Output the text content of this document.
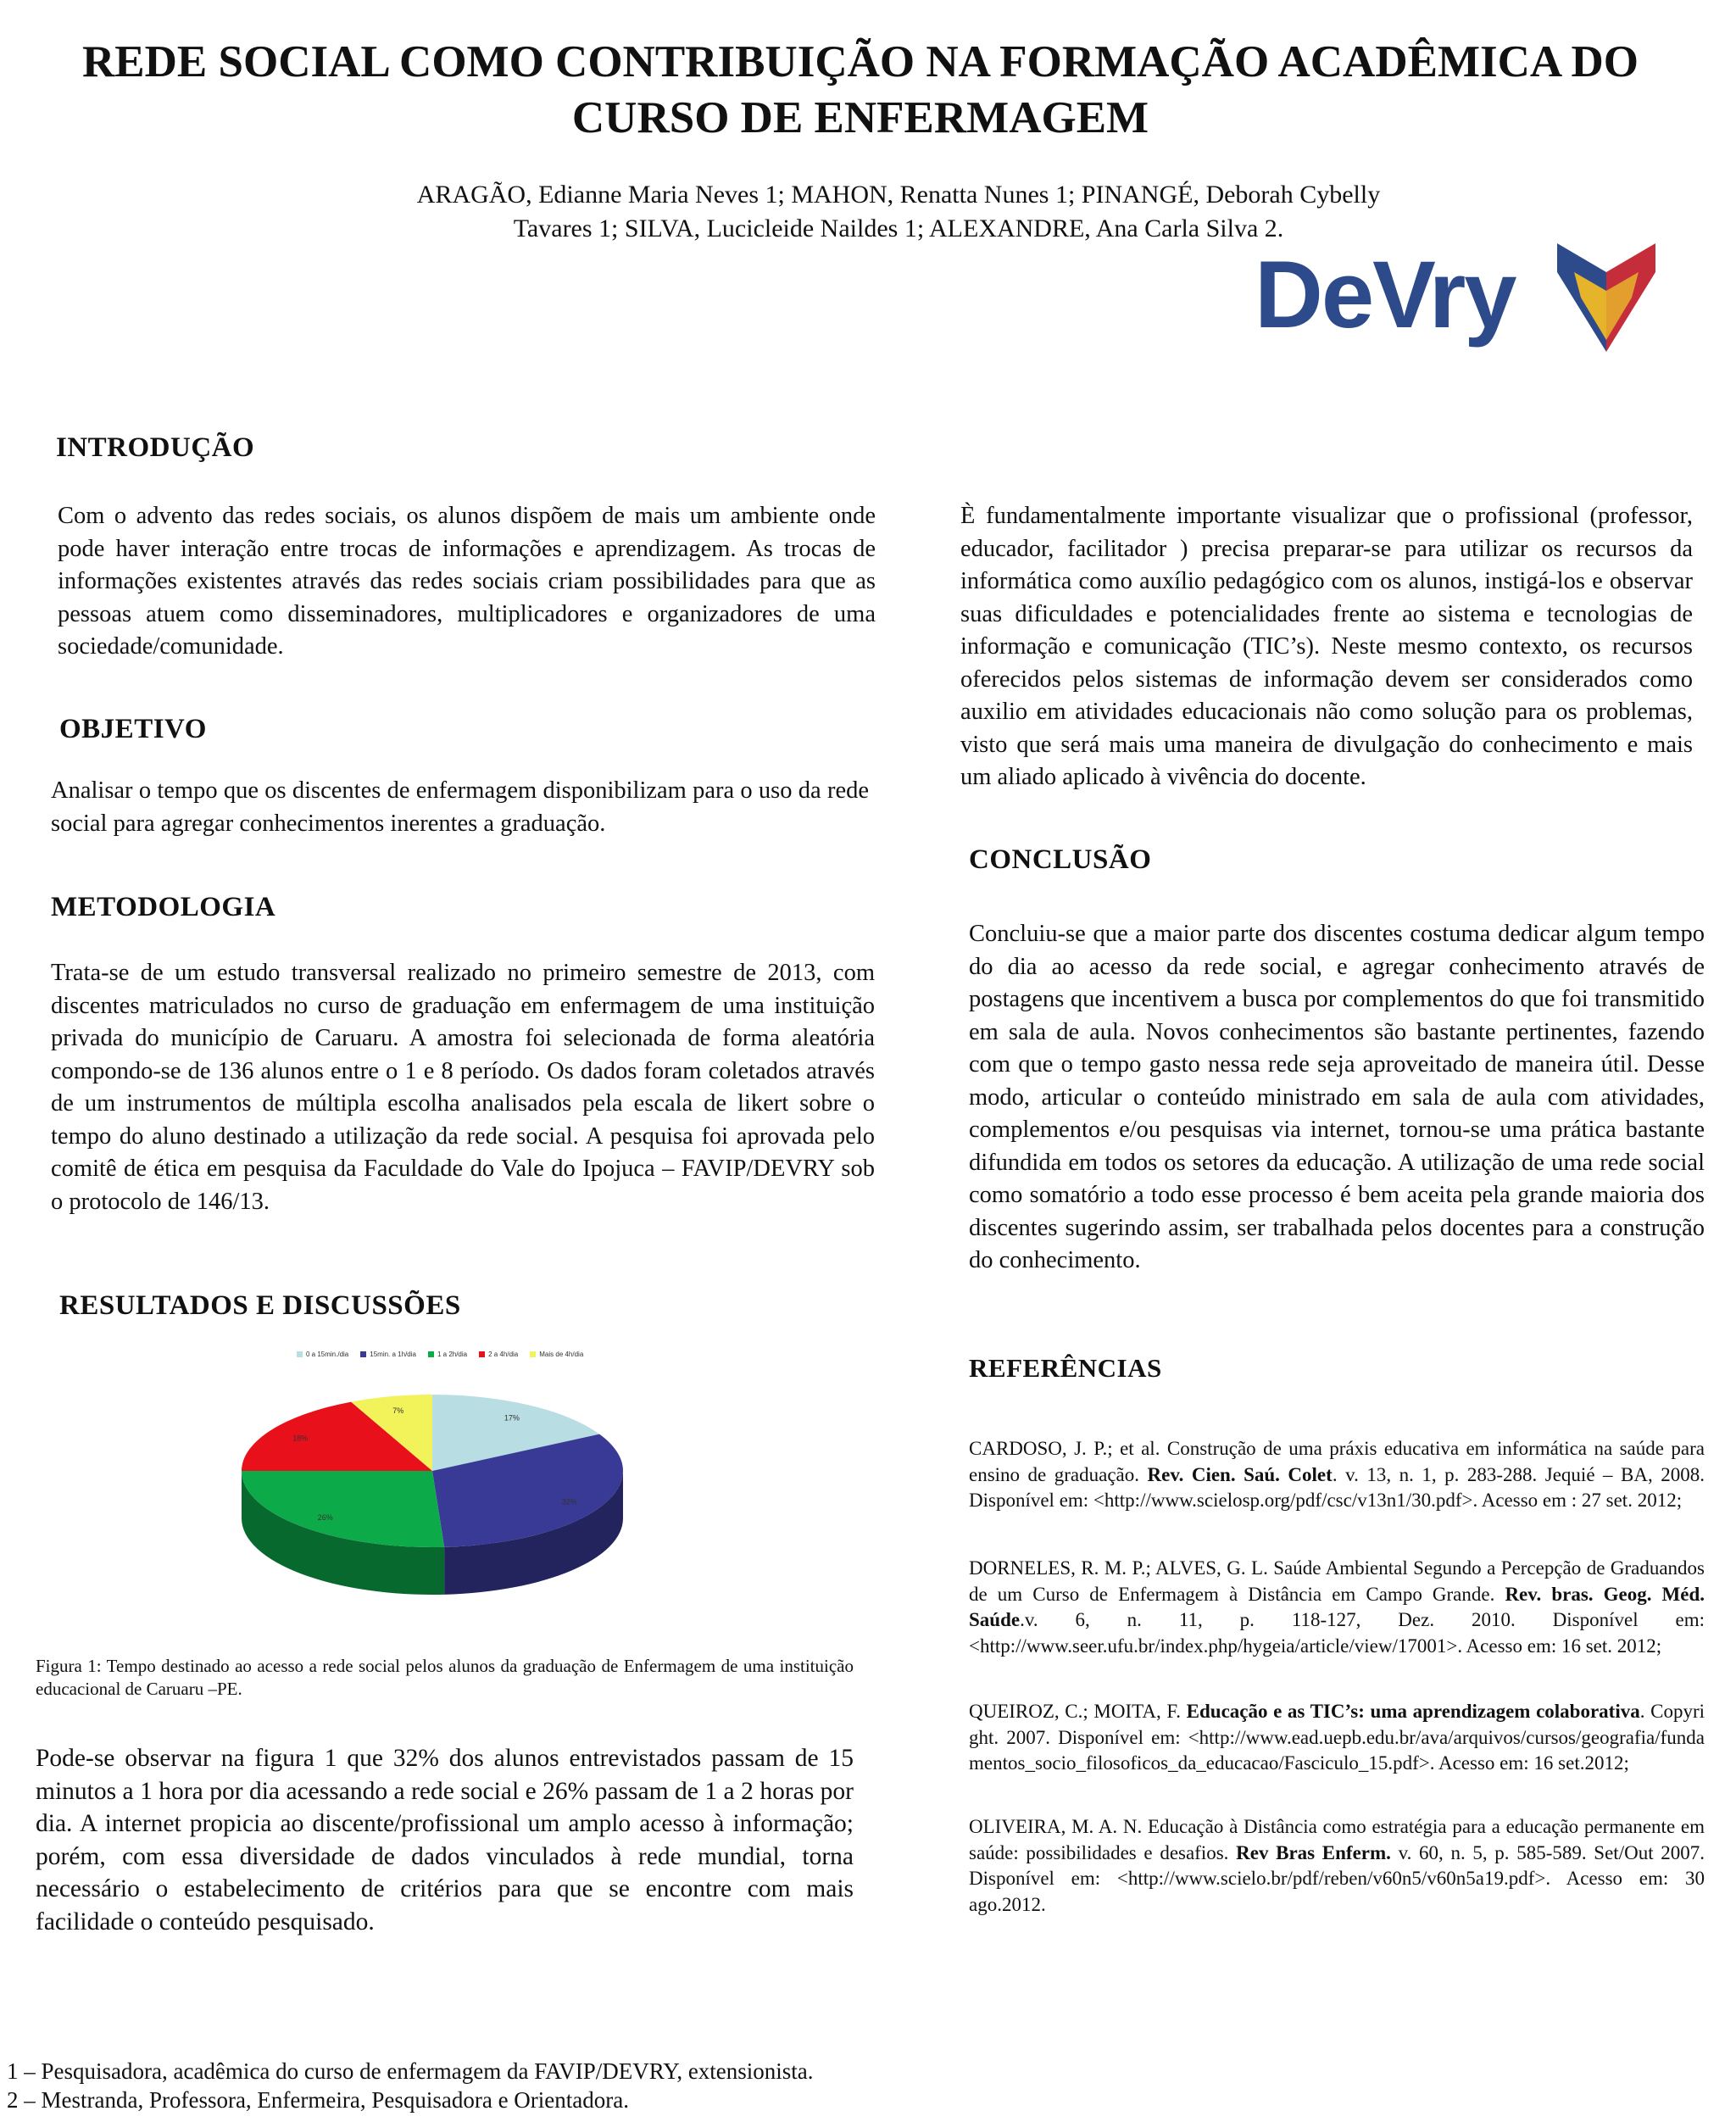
REDE SOCIAL COMO CONTRIBUIÇÃO NA FORMAÇÃO ACADÊMICA DO CURSO DE ENFERMAGEM
ARAGÃO, Edianne Maria Neves 1; MAHON, Renatta Nunes 1; PINANGÉ, Deborah Cybelly
Tavares 1; SILVA, Lucicleide Naildes 1; ALEXANDRE, Ana Carla Silva 2.
DeVry
INTRODUÇÃO

Com o advento das redes sociais, os alunos dispõem de mais um ambiente onde pode haver interação entre trocas de informações e aprendizagem. As trocas de informações existentes através das redes sociais criam possibilidades para que as pessoas atuem como disseminadores, multiplicadores e organizadores de uma sociedade/comunidade.

OBJETIVO

Analisar o tempo que os discentes de enfermagem disponibilizam para o uso da rede social para agregar conhecimentos inerentes a graduação.

METODOLOGIA

Trata-se de um estudo transversal realizado no primeiro semestre de 2013, com discentes matriculados no curso de graduação em enfermagem de uma instituição privada do município de Caruaru. A amostra foi selecionada de forma aleatória compondo-se de 136 alunos entre o 1 e 8 período. Os dados foram coletados através de um instrumentos de múltipla escolha analisados pela escala de likert sobre o tempo do aluno destinado a utilização da rede social. A pesquisa foi aprovada pelo comitê de ética em pesquisa da Faculdade do Vale do Ipojuca – FAVIP/DEVRY sob o protocolo de 146/13.

RESULTADOS E DISCUSSÕES
0 a 15min./dia	15min. a 1h/dia	1 a 2h/dia	2 a 4h/dia	Mais de 4h/dia
17%
32%
26%
18%
7%

Figura 1: Tempo destinado ao acesso a rede social pelos alunos da graduação de Enfermagem de uma instituição educacional de Caruaru –PE.

Pode-se observar na figura 1 que 32% dos alunos entrevistados passam de 15 minutos a 1 hora por dia acessando a rede social e 26% passam de 1 a 2 horas por dia. A internet propicia ao discente/profissional um amplo acesso à informação; porém, com essa diversidade de dados vinculados à rede mundial, torna necessário o estabelecimento de critérios para que se encontre com mais facilidade o conteúdo pesquisado.

È fundamentalmente importante visualizar que o profissional (professor, educador, facilitador ) precisa preparar-se para utilizar os recursos da informática como auxílio pedagógico com os alunos, instigá-los e observar suas dificuldades e potencialidades frente ao sistema e tecnologias de informação e comunicação (TIC’s). Neste mesmo contexto, os recursos oferecidos pelos sistemas de informação devem ser considerados como auxilio em atividades educacionais não como solução para os problemas, visto que será mais uma maneira de divulgação do conhecimento e mais um aliado aplicado à vivência do docente.

CONCLUSÃO

Concluiu-se que a maior parte dos discentes costuma dedicar algum tempo do dia ao acesso da rede social, e agregar conhecimento através de postagens que incentivem a busca por complementos do que foi transmitido em sala de aula. Novos conhecimentos são bastante pertinentes, fazendo com que o tempo gasto nessa rede seja aproveitado de maneira útil. Desse modo, articular o conteúdo ministrado em sala de aula com atividades, complementos e/ou pesquisas via internet, tornou-se uma prática bastante difundida em todos os setores da educação. A utilização de uma rede social como somatório a todo esse processo é bem aceita pela grande maioria dos discentes sugerindo assim, ser trabalhada pelos docentes para a construção do conhecimento.

REFERÊNCIAS

CARDOSO, J. P.; et al. Construção de uma práxis educativa em informática na saúde para ensino de graduação. Rev. Cien. Saú. Colet. v. 13, n. 1, p. 283-288. Jequié – BA, 2008. Disponível em: <http://www.scielosp.org/pdf/csc/v13n1/30.pdf>. Acesso em : 27 set. 2012;

DORNELES, R. M. P.; ALVES, G. L. Saúde Ambiental Segundo a Percepção de Graduandos de um Curso de Enfermagem à Distância em Campo Grande. Rev. bras. Geog. Méd. Saúde.v. 6, n. 11, p. 118-127, Dez. 2010. Disponível em: <http://www.seer.ufu.br/index.php/hygeia/article/view/17001>. Acesso em: 16 set. 2012;

QUEIROZ, C.; MOITA, F. Educação e as TIC’s: uma aprendizagem colaborativa. Copyright. 2007. Disponível em: <http://www.ead.uepb.edu.br/ava/arquivos/cursos/geografia/fundamentos_socio_filosoficos_da_educacao/Fasciculo_15.pdf>. Acesso em: 16 set.2012;

OLIVEIRA, M. A. N. Educação à Distância como estratégia para a educação permanente em saúde: possibilidades e desafios. Rev Bras Enferm. v. 60, n. 5, p. 585-589. Set/Out 2007. Disponível em: <http://www.scielo.br/pdf/reben/v60n5/v60n5a19.pdf>. Acesso em: 30 ago.2012.

1 – Pesquisadora, acadêmica do curso de enfermagem da FAVIP/DEVRY, extensionista.

2 – Mestranda, Professora, Enfermeira, Pesquisadora e Orientadora.
